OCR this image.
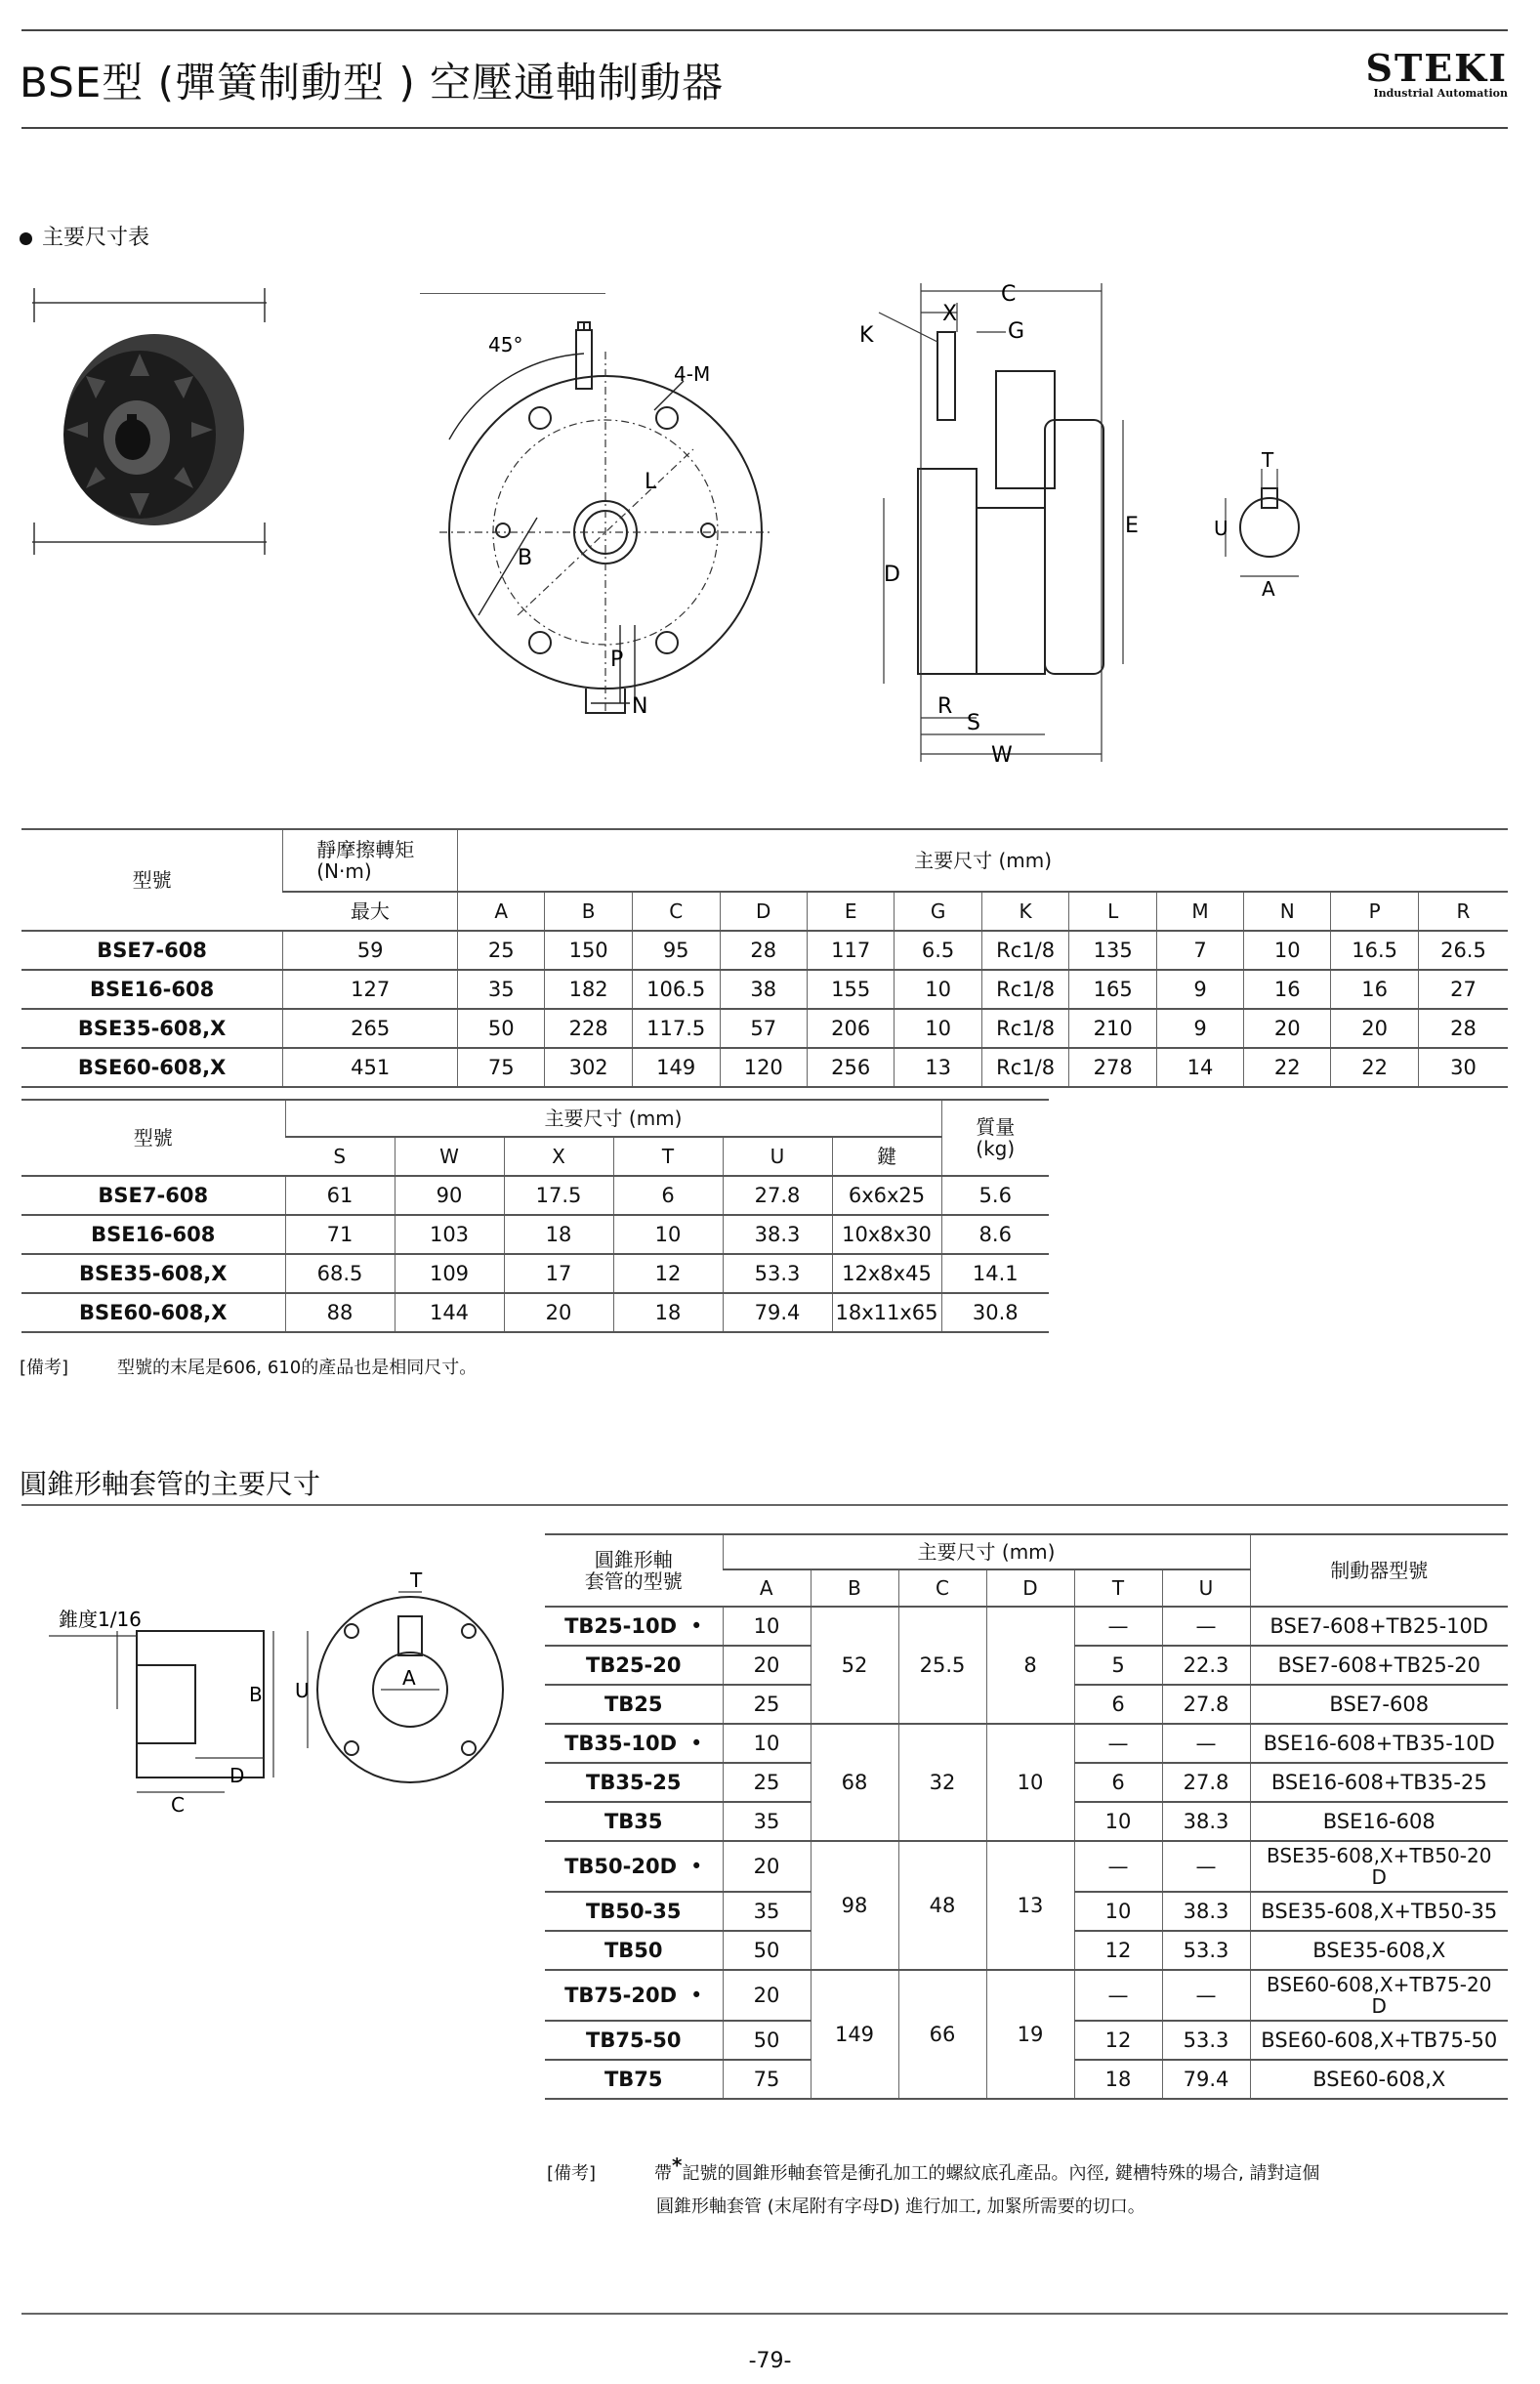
BSE型 (彈簧制動型 ) 空壓通軸制動器	STEKI
Industrial Automation
主要尺寸表
45°
4-M
L
B
P
N
C
X
G
K
E
D
R
S
W
T
U
A
型號	靜摩擦轉矩
(N·m)	主要尺寸 (mm)											
	最大	A	B	C	D	E	G	K	L	M	N	P	R
BSE7-608	59	25	150	95	28	117	6.5	Rc1/8	135	7	10	16.5	26.5
BSE16-608	127	35	182	106.5	38	155	10	Rc1/8	165	9	16	16	27
BSE35-608,X	265	50	228	117.5	57	206	10	Rc1/8	210	9	20	20	28
BSE60-608,X	451	75	302	149	120	256	13	Rc1/8	278	14	22	22	30
型號	主要尺寸 (mm)						質量
(kg)
	S	W	X	T	U	鍵	
BSE7-608	61	90	17.5	6	27.8	6x6x25	5.6
BSE16-608	71	103	18	10	38.3	10x8x30	8.6
BSE35-608,X	68.5	109	17	12	53.3	12x8x45	14.1
BSE60-608,X	88	144	20	18	79.4	18x11x65	30.8
[備考]	型號的末尾是606, 610的產品也是相同尺寸。
圓錐形軸套管的主要尺寸
錐度1/16
B
C
D
T
U
A
圓錐形軸
套管的型號	主要尺寸 (mm)						制動器型號
	A	B	C	D	T	U	
TB25-10D •	10	52	25.5	8	—	—	BSE7-608+TB25-10D
TB25-20	20				5	22.3	BSE7-608+TB25-20
TB25	25				6	27.8	BSE7-608
TB35-10D •	10	68	32	10	—	—	BSE16-608+TB35-10D
TB35-25	25				6	27.8	BSE16-608+TB35-25
TB35	35				10	38.3	BSE16-608
TB50-20D •	20	98	48	13	—	—	BSE35-608,X+TB50-20D
TB50-35	35				10	38.3	BSE35-608,X+TB50-35
TB50	50				12	53.3	BSE35-608,X
TB75-20D •	20	149	66	19	—	—	BSE60-608,X+TB75-20D
TB75-50	50				12	53.3	BSE60-608,X+TB75-50
TB75	75				18	79.4	BSE60-608,X
[備考]	帶*記號的圓錐形軸套管是衝孔加工的螺紋底孔產品。內徑, 鍵槽特殊的場合, 請對這個
圓錐形軸套管 (末尾附有字母D) 進行加工, 加緊所需要的切口。
-79-
